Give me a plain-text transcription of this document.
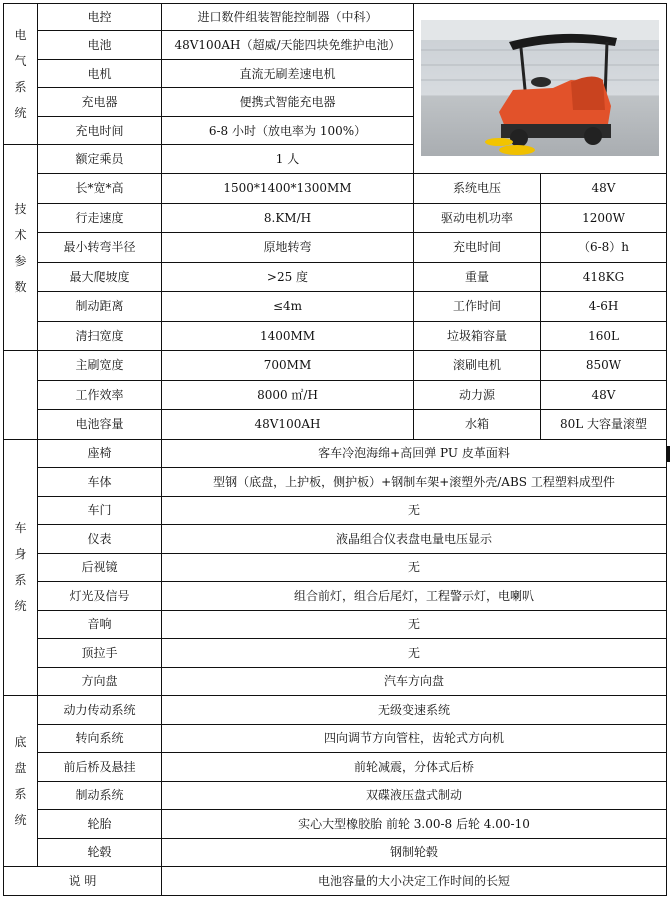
电
气
系
统	电控	进口数件组装智能控制器（中科）	

	电池	48V100AH（超威/天能四块免维护电池）		
	电机	直流无刷差速电机		
	充电器	便携式智能充电器		
	充电时间	6-8 小时（放电率为 100%）		

技
术
参
数	额定乘员	1 人		
	长*宽*高	1500*1400*1300MM	系统电压	48V
	行走速度	8.KM/H	驱动电机功率	1200W
	最小转弯半径	原地转弯	充电时间	（6-8）h
	最大爬坡度	>25 度	重量	418KG
	制动距离	≤4m	工作时间	4-6H
	清扫宽度	1400MM	垃圾箱容量	160L
	主刷宽度	700MM	滚刷电机	850W
	工作效率	8000 ㎡/H	动力源	48V
	电池容量	48V100AH	水箱	80L 大容量滚塑

车
身
系
统	座椅	客车冷泡海绵+高回弹 PU 皮革面料		
	车体	型钢（底盘，上护板，侧护板）+钢制车架+滚塑外壳/ABS 工程塑料成型件		
	车门	无		
	仪表	液晶组合仪表盘电量电压显示		
	后视镜	无		
	灯光及信号	组合前灯，组合后尾灯，工程警示灯，电喇叭		
	音响	无		
	顶拉手	无		
	方向盘	汽车方向盘		

底
盘
系
统	动力传动系统	无级变速系统		
	转向系统	四向调节方向管柱，齿轮式方向机		
	前后桥及悬挂	前轮减震，分体式后桥		
	制动系统	双碟液压盘式制动		
	轮胎	实心大型橡胶胎 前轮 3.00-8 后轮 4.00-10		
	轮毂	钢制轮毂		
说 明		电池容量的大小决定工作时间的长短		
